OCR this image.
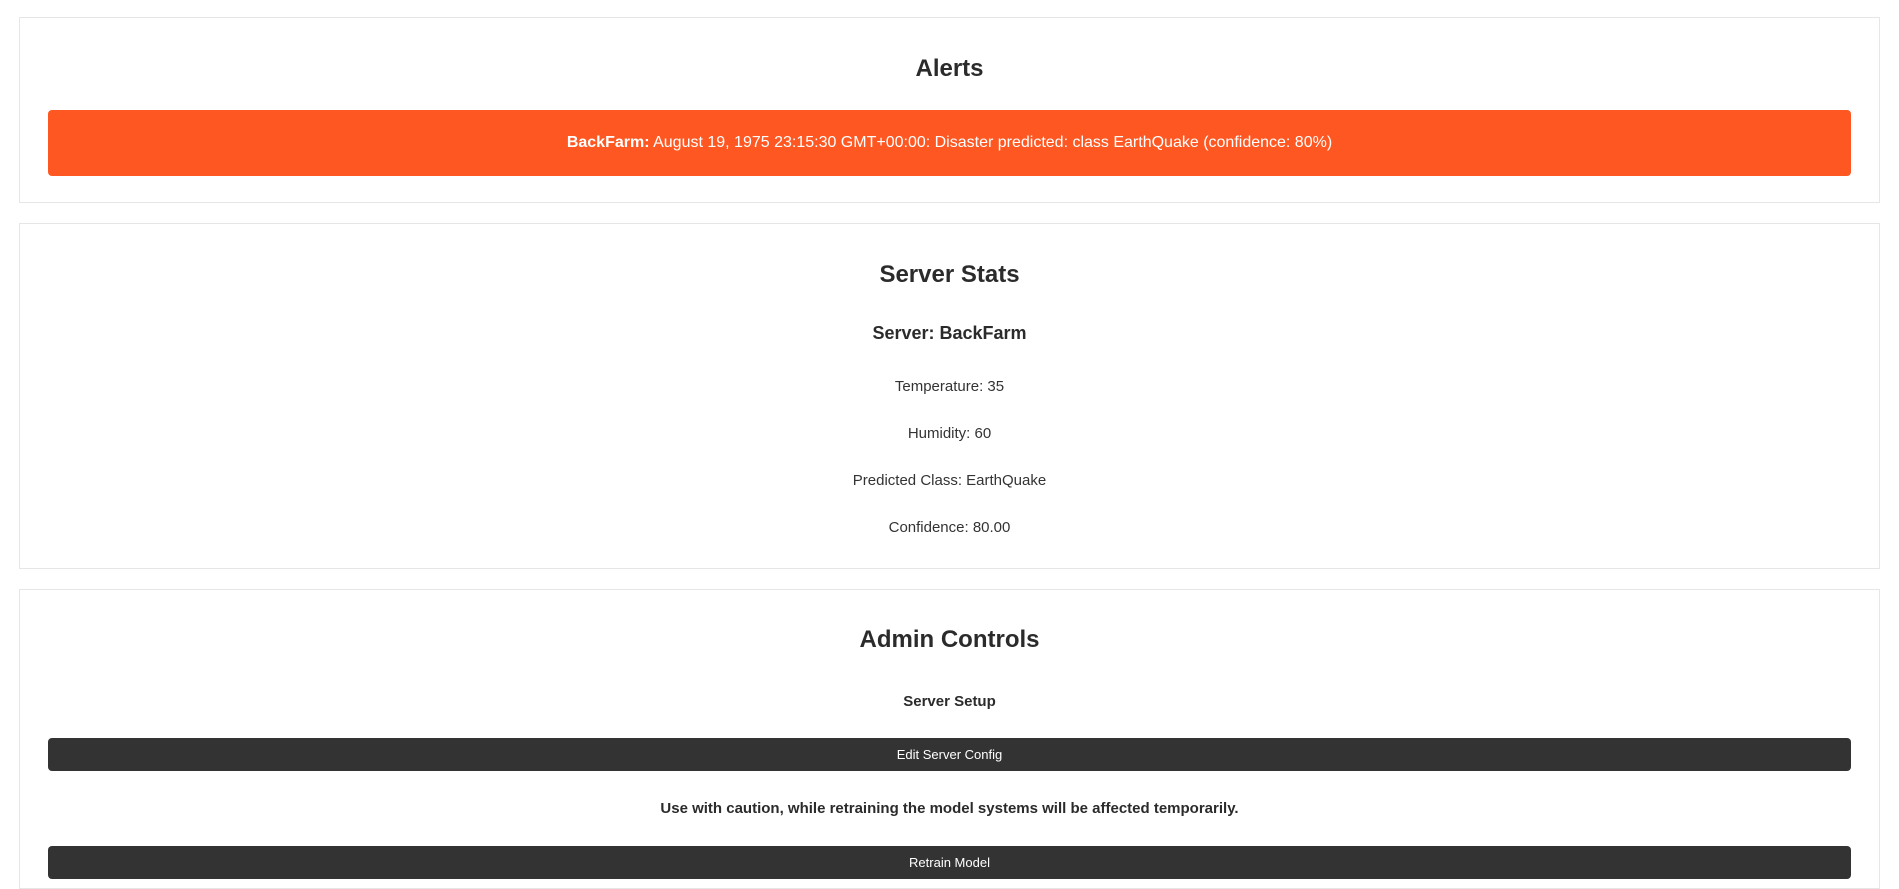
Alerts
BackFarm: August 19, 1975 23:15:30 GMT+00:00: Disaster predicted: class EarthQuake (confidence: 80%)
Server Stats
Server: BackFarm

Temperature: 35

Humidity: 60

Predicted Class: EarthQuake

Confidence: 80.00

Admin Controls

Server Setup

Edit Server Config

Use with caution, while retraining the model systems will be affected temporarily.

Retrain Model
